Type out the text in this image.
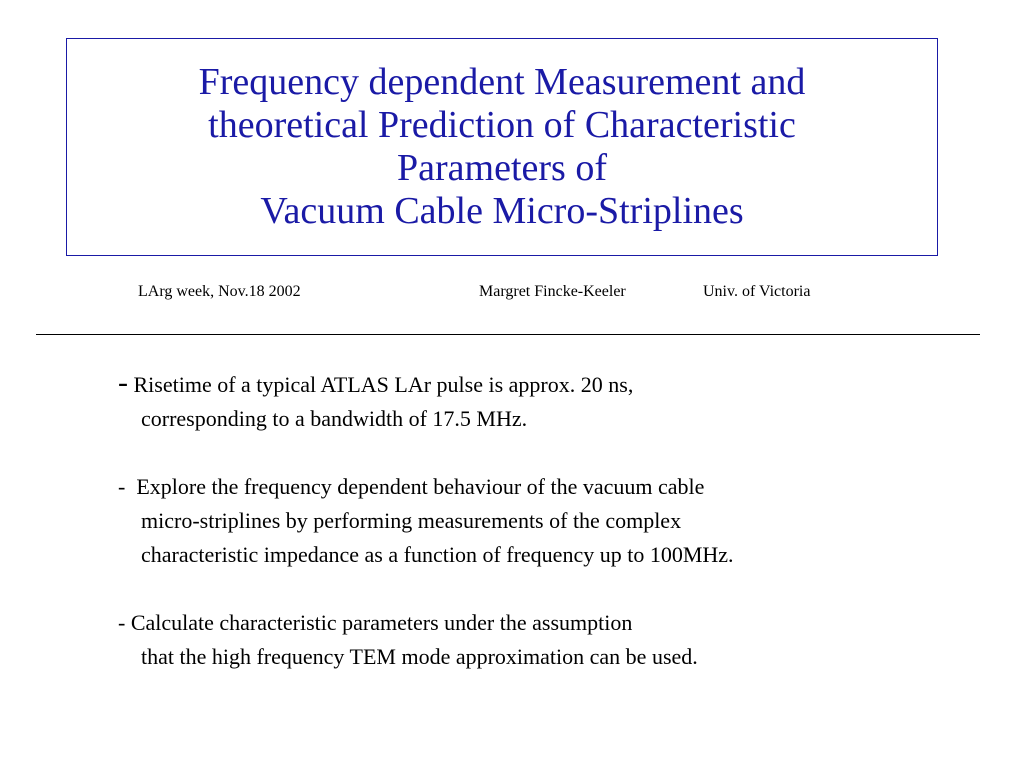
Frequency dependent Measurement and
theoretical Prediction of Characteristic
Parameters of
Vacuum Cable Micro-Striplines
LArg week, Nov.18 2002	Margret Fincke-Keeler	Univ. of Victoria
- Risetime of a typical ATLAS LAr pulse is approx. 20 ns,
corresponding to a bandwidth of 17.5 MHz.
- Explore the frequency dependent behaviour of the vacuum cable
micro-striplines by performing measurements of the complex
characteristic impedance as a function of frequency up to 100MHz.
- Calculate characteristic parameters under the assumption
that the high frequency TEM mode approximation can be used.
